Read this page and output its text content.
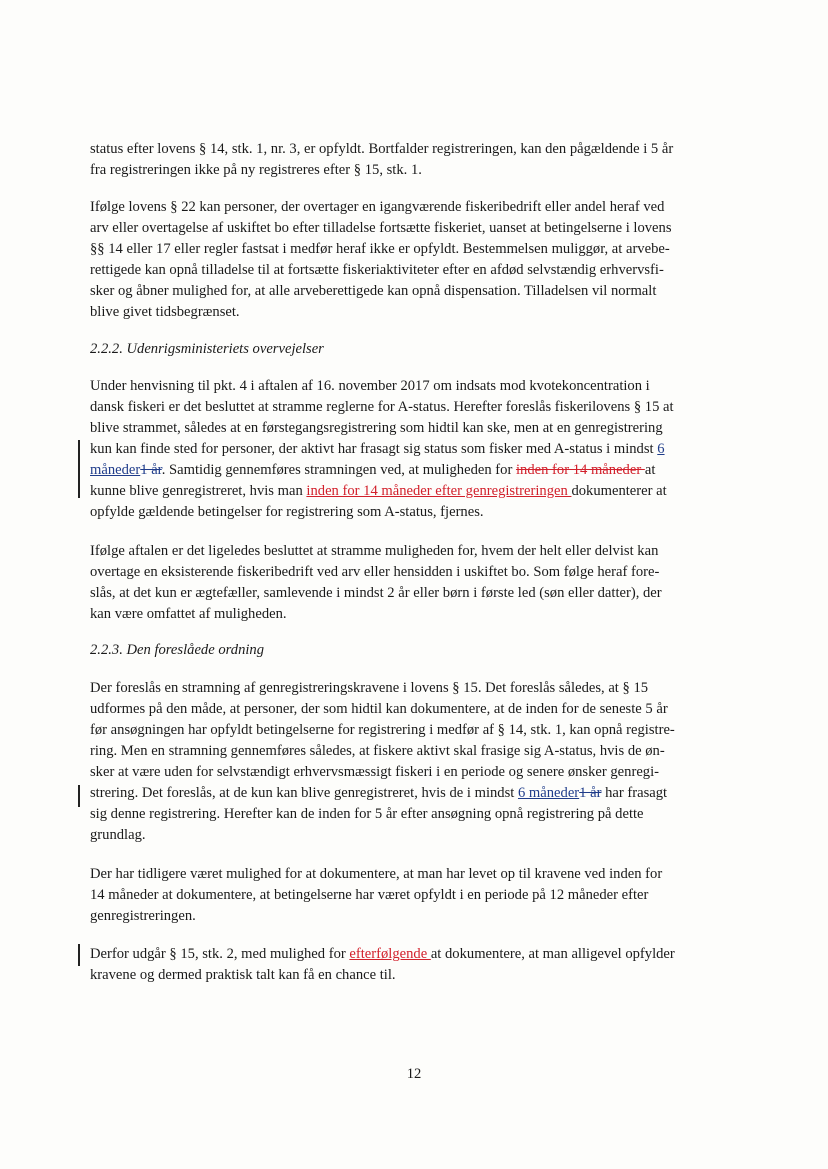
status efter lovens § 14, stk. 1, nr. 3, er opfyldt. Bortfalder registreringen, kan den pågældende i 5 år
fra registreringen ikke på ny registreres efter § 15, stk. 1.
Ifølge lovens § 22 kan personer, der overtager en igangværende fiskeribedrift eller andel heraf ved
arv eller overtagelse af uskiftet bo efter tilladelse fortsætte fiskeriet, uanset at betingelserne i lovens
§§ 14 eller 17 eller regler fastsat i medfør heraf ikke er opfyldt. Bestemmelsen muliggør, at arvebe-
rettigede kan opnå tilladelse til at fortsætte fiskeriaktiviteter efter en afdød selvstændig erhvervsfi-
sker og åbner mulighed for, at alle arveberettigede kan opnå dispensation. Tilladelsen vil normalt
blive givet tidsbegrænset.
2.2.2. Udenrigsministeriets overvejelser
Under henvisning til pkt. 4 i aftalen af 16. november 2017 om indsats mod kvotekoncentration i
dansk fiskeri er det besluttet at stramme reglerne for A-status. Herefter foreslås fiskerilovens § 15 at
blive strammet, således at en førstegangsregistrering som hidtil kan ske, men at en genregistrering
kun kan finde sted for personer, der aktivt har frasagt sig status som fisker med A-status i mindst 6
måneder1 år. Samtidig gennemføres stramningen ved, at muligheden for inden for 14 måneder at
kunne blive genregistreret, hvis man inden for 14 måneder efter genregistreringen dokumenterer at
opfylde gældende betingelser for registrering som A-status, fjernes.
Ifølge aftalen er det ligeledes besluttet at stramme muligheden for, hvem der helt eller delvist kan
overtage en eksisterende fiskeribedrift ved arv eller hensidden i uskiftet bo. Som følge heraf fore-
slås, at det kun er ægtefæller, samlevende i mindst 2 år eller børn i første led (søn eller datter), der
kan være omfattet af muligheden.
2.2.3. Den foreslåede ordning
Der foreslås en stramning af genregistreringskravene i lovens § 15. Det foreslås således, at § 15
udformes på den måde, at personer, der som hidtil kan dokumentere, at de inden for de seneste 5 år
før ansøgningen har opfyldt betingelserne for registrering i medfør af § 14, stk. 1, kan opnå registre-
ring. Men en stramning gennemføres således, at fiskere aktivt skal frasige sig A-status, hvis de øn-
sker at være uden for selvstændigt erhvervsmæssigt fiskeri i en periode og senere ønsker genregi-
strering. Det foreslås, at de kun kan blive genregistreret, hvis de i mindst 6 måneder1 år har frasagt
sig denne registrering. Herefter kan de inden for 5 år efter ansøgning opnå registrering på dette
grundlag.
Der har tidligere været mulighed for at dokumentere, at man har levet op til kravene ved inden for
14 måneder at dokumentere, at betingelserne har været opfyldt i en periode på 12 måneder efter
genregistreringen.
Derfor udgår § 15, stk. 2, med mulighed for efterfølgende at dokumentere, at man alligevel opfylder
kravene og dermed praktisk talt kan få en chance til.
12
